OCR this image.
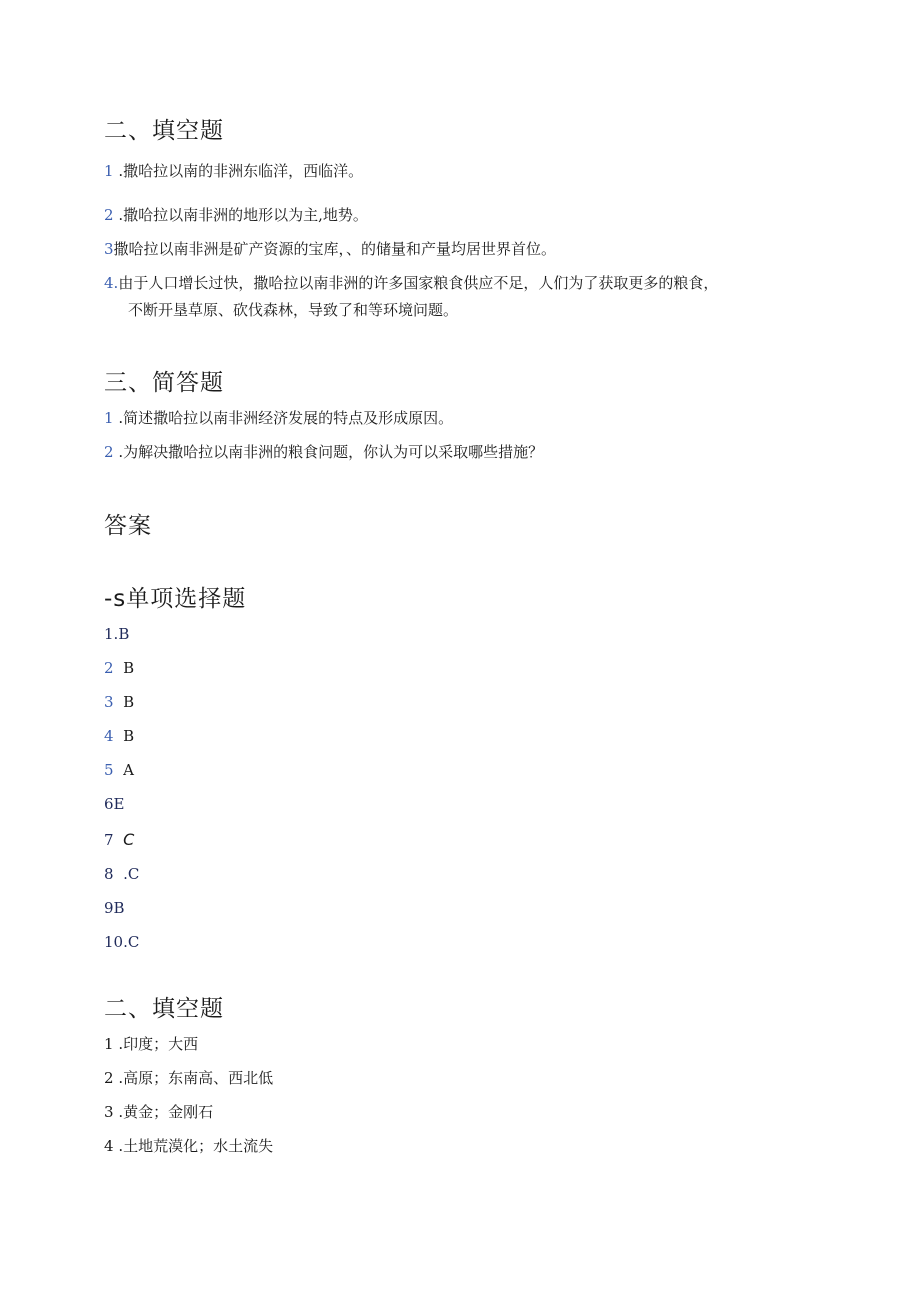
二、填空题
1 .撒哈拉以南的非洲东临洋，西临洋。
2 .撒哈拉以南非洲的地形以为主,地势。
3撒哈拉以南非洲是矿产资源的宝库，、的储量和产量均居世界首位。
4.由于人口增长过快，撒哈拉以南非洲的许多国家粮食供应不足，人们为了获取更多的粮食，
不断开垦草原、砍伐森林，导致了和等环境问题。
三、简答题
1 .简述撒哈拉以南非洲经济发展的特点及形成原因。
2 .为解决撒哈拉以南非洲的粮食问题，你认为可以采取哪些措施？
答案
-s单项选择题
1.B
2 B
3 B
4 B
5 A
6E
7 C
8 .C
9B
10.C
二、填空题
1 .印度；大西
2 .高原；东南高、西北低
3 .黄金；金刚石
4 .土地荒漠化；水土流失
